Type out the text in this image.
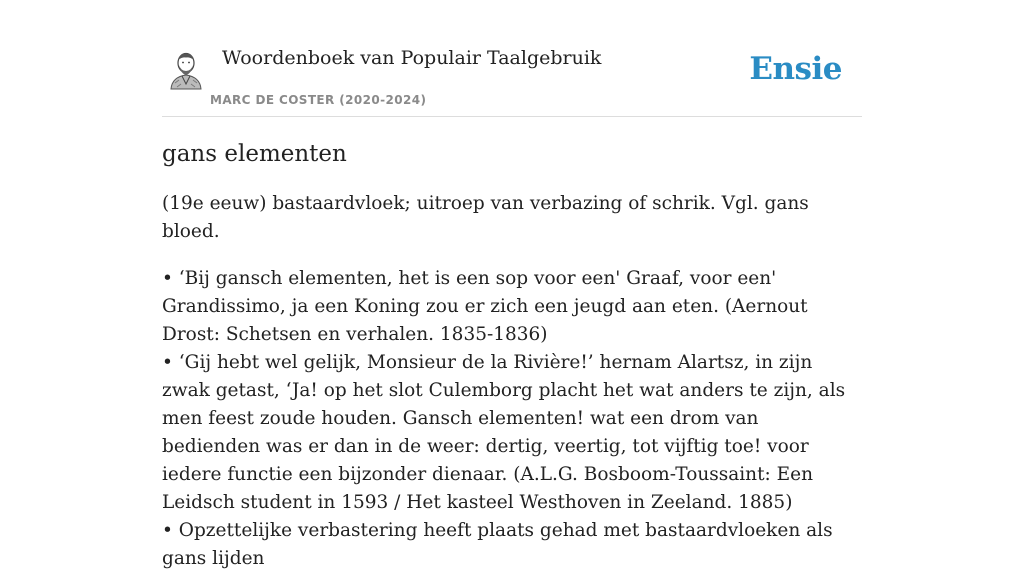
Woordenboek van Populair Taalgebruik
MARC DE COSTER (2020-2024)
Ensie
gans elementen

(19e eeuw) bastaardvloek; uitroep van verbazing of schrik. Vgl. gans bloed.

• ‘Bij gansch elementen, het is een sop voor een' Graaf, voor een' Grandissimo, ja een Koning zou er zich een jeugd aan eten. (Aernout Drost: Schetsen en verhalen. 1835-1836)
• ‘Gij hebt wel gelijk, Monsieur de la Rivière!’ hernam Alartsz, in zijn zwak getast, ‘Ja! op het slot Culemborg placht het wat anders te zijn, als men feest zoude houden. Gansch elementen! wat een drom van bedienden was er dan in de weer: dertig, veertig, tot vijftig toe! voor iedere functie een bijzonder dienaar. (A.L.G. Bosboom-Toussaint: Een Leidsch student in 1593 / Het kasteel Westhoven in Zeeland. 1885)
• Opzettelijke verbastering heeft plaats gehad met bastaardvloeken als gans lijden
